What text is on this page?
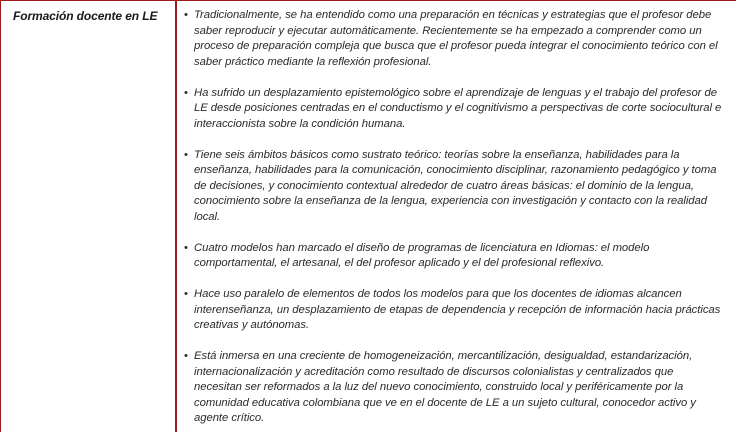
Formación docente en LE	• Tradicionalmente, se ha entendido como una preparación en técnicas y estrategias que el profesor debe saber reproducir y ejecutar automáticamente. Recientemente se ha empezado a comprender como un proceso de preparación compleja que busca que el profesor pueda integrar el conocimiento teórico con el saber práctico mediante la reflexión profesional.
• Ha sufrido un desplazamiento epistemológico sobre el aprendizaje de lenguas y el trabajo del profesor de LE desde posiciones centradas en el conductismo y el cognitivismo a perspectivas de corte sociocultural e interaccionista sobre la condición humana.
• Tiene seis ámbitos básicos como sustrato teórico: teorías sobre la enseñanza, habilidades para la enseñanza, habilidades para la comunicación, conocimiento disciplinar, razonamiento pedagógico y toma de decisiones, y conocimiento contextual alrededor de cuatro áreas básicas: el dominio de la lengua, conocimiento sobre la enseñanza de la lengua, experiencia con investigación y contacto con la realidad local.
• Cuatro modelos han marcado el diseño de programas de licenciatura en Idiomas: el modelo comportamental, el artesanal, el del profesor aplicado y el del profesional reflexivo.
• Hace uso paralelo de elementos de todos los modelos para que los docentes de idiomas alcancen interenseñanza, un desplazamiento de etapas de dependencia y recepción de información hacia prácticas creativas y autónomas.
• Está inmersa en una creciente de homogeneización, mercantilización, desigualdad, estandarización, internacionalización y acreditación como resultado de discursos colonialistas y centralizados que necesitan ser reformados a la luz del nuevo conocimiento, construido local y periféricamente por la comunidad educativa colombiana que ve en el docente de LE a un sujeto cultural, conocedor activo y agente crítico.
